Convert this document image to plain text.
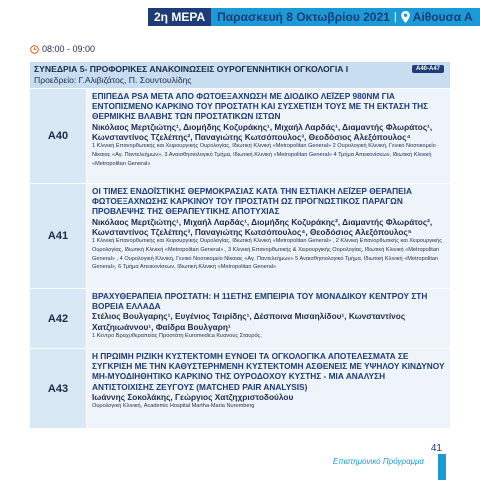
2η ΜΕΡΑ	Παρασκευή 8 Οκτωβρίου 2021 |	Αίθουσα Α
08:00 - 09:00
ΣΥΝΕΔΡΙΑ 5- ΠΡΟΦΟΡΙΚΕΣ ΑΝΑΚΟΙΝΩΣΕΙΣ ΟΥΡΟΓΕΝΝΗΤΙΚΗ ΟΓΚΟΛΟΓΙΑ Ι
Προεδρείο: Γ.Αλιβιζάτος, Π. Σουντουλίδης
Α40-Α47
Α40
ΕΠΙΠΕΔΑ PSA ΜΕΤΑ ΑΠΟ ΦΩΤΟΕΞΑΧΝΩΣΗ ΜΕ ΔΙΟΔΙΚΟ ΛΕΪΖΕΡ 980NM ΓΙΑ ΕΝΤΟΠΙΣΜΕΝΟ ΚΑΡΚΙΝΟ ΤΟΥ ΠΡΟΣΤΑΤΗ ΚΑΙ ΣΥΣΧΕΤΙΣΗ ΤΟΥΣ ΜΕ ΤΗ ΕΚΤΑΣΗ ΤΗΣ ΘΕΡΜΙΚΗΣ ΒΛΑΒΗΣ ΤΩΝ ΠΡΟΣΤΑΤΙΚΩΝ ΙΣΤΩΝ
Νικόλαος Μερτζιώτης¹, Διομήδης Κοζυράκης¹, Μιχαήλ Λαρδάς¹, Διαμαντής Φλωράτος¹, Κωνσταντίνος Τζελέπης², Παναγιώτης Κωτσόπουλος³, Θεοδόσιος Αλεξόπουλος⁴
1 Κλινική Επανορθωτικής και Χειρουργικής Ουρολογίας, Ιδιωτική Κλινική «Metropolitan General» 2 Ουρολογική Κλινική, Γενικό Νοσοκομείο Νίκαιας «Αγ. Παντελεήμων», 3 Αναισθησιολογικό Τμήμα, Ιδιωτική Κλινική «Metropolitan General» 4 Τμήμα Απεικονίσεων, Ιδιωτική Κλινική «Metropolitan General»
Α41
ΟΙ ΤΙΜΕΣ ΕΝΔΟΪΣΤΙΚΗΣ ΘΕΡΜΟΚΡΑΣΙΑΣ ΚΑΤΑ ΤΗΝ ΕΣΤΙΑΚΗ ΛΕΪΖΕΡ ΘΕΡΑΠΕΙΑ ΦΩΤΟΕΞΑΧΝΩΣΗΣ ΚΑΡΚΙΝΟΥ ΤΟΥ ΠΡΟΣΤΑΤΗ ΩΣ ΠΡΟΓΝΩΣΤΙΚΟΣ ΠΑΡΑΓΩΝ ΠΡΟΒΛΕΨΗΣ ΤΗΣ ΘΕΡΑΠΕΥΤΙΚΗΣ ΑΠΟΤΥΧΙΑΣ
Νικόλαος Μερτζιώτης¹, Μιχαήλ Λαρδάς¹, Διομήδης Κοζυράκης², Διαμαντής Φλωράτος², Κωνσταντίνος Τζελέπης³, Παναγιώτης Κωτσόπουλος⁴, Θεοδόσιος Αλεξόπουλος⁵
1 Κλινική Επανορθωτικής και Χειρουργικής Ουρολογίας, Ιδιωτική Κλινική «Metropolitan General» , 2 Κλινική Επανορθωτικής και Χειρουργικής Ουρολογίας, Ιδιωτική Κλινική «Metropolitan General» , 3 Κλινική Επανορθωτικής & Χειρουργικής Ουρολογίας, Ιδιωτική Κλινική «Metropolitan General» , 4 Ουρολογική Κλινική, Γενικό Νοσοκομείο Νίκαιας «Αγ. Παντελεήμων» 5 Αναισθησιολογικό Τμήμα, Ιδιωτική Κλινική «Metropolitan General», 6 Τμήμα Απεικονίσεων, Ιδιωτική Κλινική «Metropolitan General»
Α42
ΒΡΑΧΥΘΕΡΑΠΕΙΑ ΠΡΟΣΤΑΤΗ: Η 11ΕΤΗΣ ΕΜΠΕΙΡΙΑ ΤΟΥ ΜΟΝΑΔΙΚΟΥ ΚΕΝΤΡΟΥ ΣΤΗ ΒΟΡΕΙΑ ΕΛΛΑΔΑ
Στέλιος Βουλγαρης¹, Ευγένιος Τσιρίδης¹, Δέσποινα Μισαηλίδου¹, Κωνσταντίνος Χατζηιωάννου¹, Φαίδρα Βουλγαρη¹
1 Κέντρο Βραχυθεραπείας Προστάτη Euromedica Κυανούς Σταυρός,
Α43
Η ΠΡΩΙΜΗ ΡΙΖΙΚΗ ΚΥΣΤΕΚΤΟΜΗ ΕΥΝΟΕΙ ΤΑ ΟΓΚΟΛΟΓΙΚΑ ΑΠΟΤΕΛΕΣΜΑΤΑ ΣΕ ΣΥΓΚΡΙΣΗ ΜΕ ΤΗΝ ΚΑΘΥΣΤΕΡΗΜΕΝΗ ΚΥΣΤΕΚΤΟΜΗ ΑΣΘΕΝΕΙΣ ΜΕ ΥΨΗΛΟΥ ΚΙΝΔΥΝΟΥ ΜΗ-ΜΥΟΔΙΗΘΗΤΙΚΟ ΚΑΡΚΙΝΟ ΤΗΣ ΟΥΡΟΔΟΧΟΥ ΚΥΣΤΗΣ - ΜΙΑ ΑΝΑΛΥΣΗ ΑΝΤΙΣΤΟΙΧΙΣΗΣ ΖΕΥΓΟΥΣ (MATCHED PAIR ANALYSIS)
Ιωάννης Σοκολάκης, Γεώργιος Χατζηχριστοδούλου
Ουρολογική Κλινική, Academic Hospital Martha-Maria Nuremberg
41
Επιστημονικό Πρόγραμμα
